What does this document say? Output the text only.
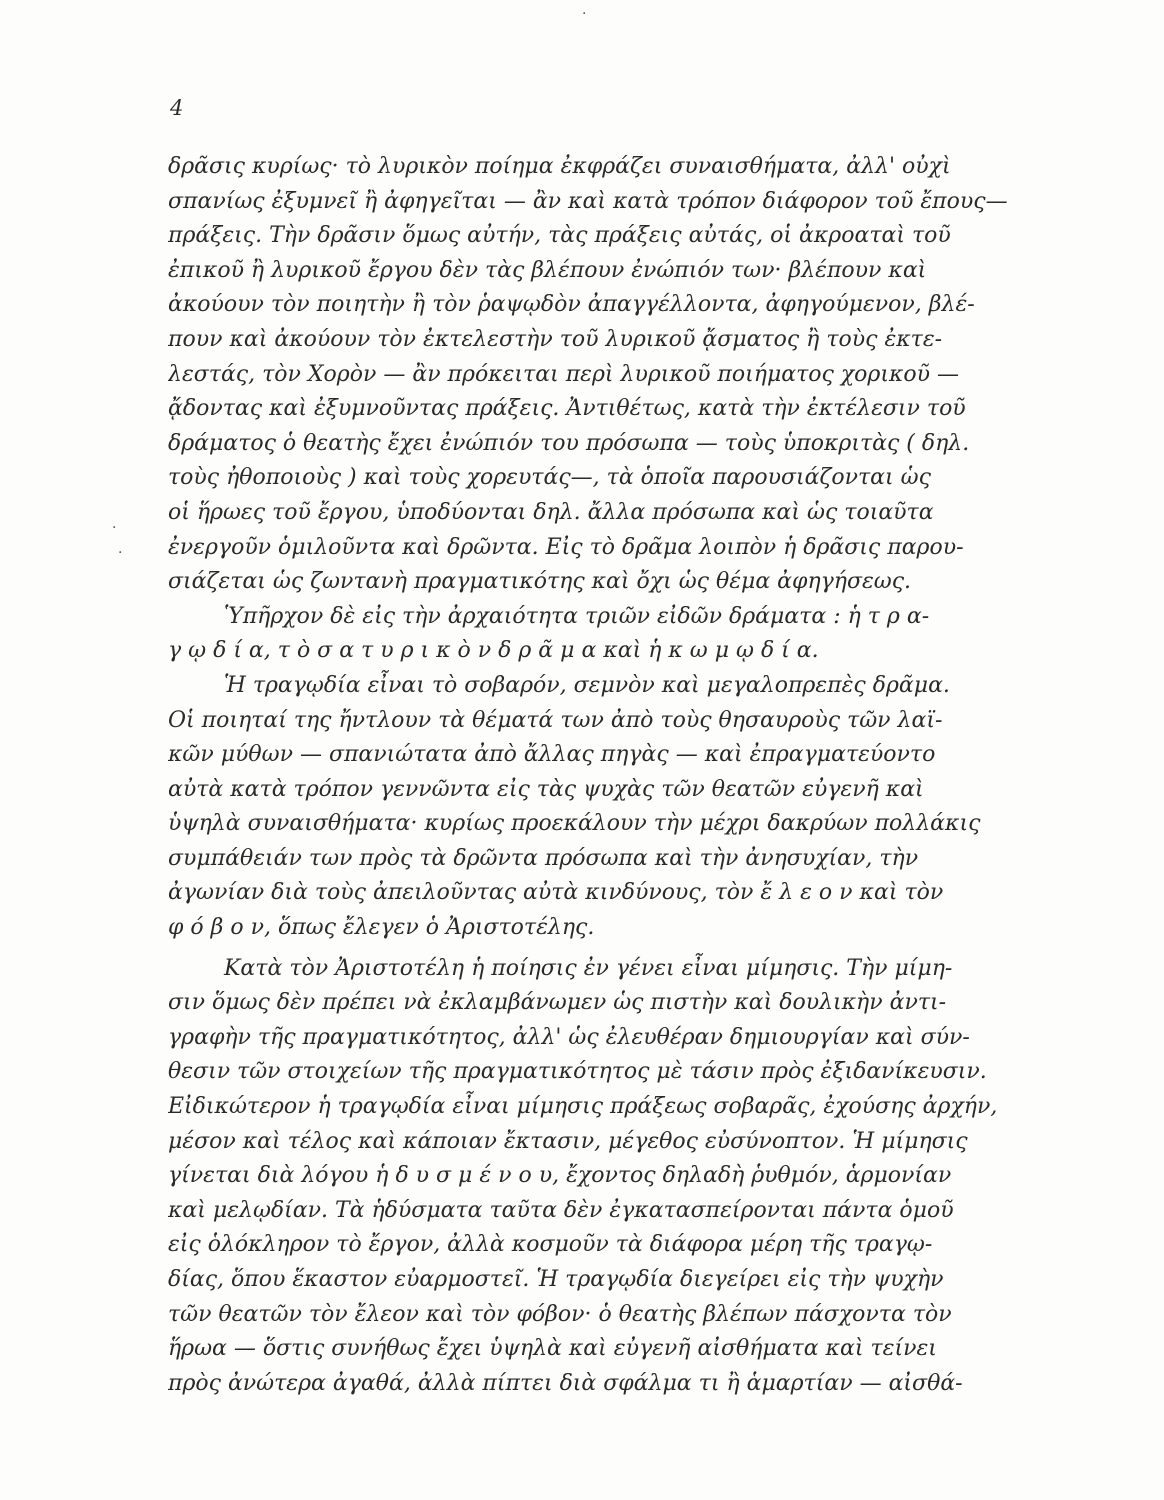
4
·
·
·
δρᾶσις κυρίως· τὸ λυρικὸν ποίημα ἐκφράζει συναισθήματα, ἀλλ' οὐχὶ
σπανίως ἐξυμνεῖ ἢ ἀφηγεῖται — ἂν καὶ κατὰ τρόπον διάφορον τοῦ ἔπους—
πράξεις. Τὴν δρᾶσιν ὅμως αὐτήν, τὰς πράξεις αὐτάς, οἱ ἀκροαταὶ τοῦ
ἐπικοῦ ἢ λυρικοῦ ἔργου δὲν τὰς βλέπουν ἐνώπιόν των· βλέπουν καὶ
ἀκούουν τὸν ποιητὴν ἢ τὸν ῥαψῳδὸν ἀπαγγέλλοντα, ἀφηγούμενον, βλέ-
πουν καὶ ἀκούουν τὸν ἐκτελεστὴν τοῦ λυρικοῦ ᾄσματος ἢ τοὺς ἐκτε-
λεστάς, τὸν Χορὸν — ἂν πρόκειται περὶ λυρικοῦ ποιήματος χορικοῦ —
ᾄδοντας καὶ ἐξυμνοῦντας πράξεις. Ἀντιθέτως, κατὰ τὴν ἐκτέλεσιν τοῦ
δράματος ὁ θεατὴς ἔχει ἐνώπιόν του πρόσωπα — τοὺς ὑποκριτὰς ( δηλ.
τοὺς ἠθοποιοὺς ) καὶ τοὺς χορευτάς—, τὰ ὁποῖα παρουσιάζονται ὡς
οἱ ἥρωες τοῦ ἔργου, ὑποδύονται δηλ. ἄλλα πρόσωπα καὶ ὡς τοιαῦτα
ἐνεργοῦν ὁμιλοῦντα καὶ δρῶντα. Εἰς τὸ δρᾶμα λοιπὸν ἡ δρᾶσις παρου-
σιάζεται ὡς ζωντανὴ πραγματικότης καὶ ὄχι ὡς θέμα ἀφηγήσεως.
Ὑπῆρχον δὲ εἰς τὴν ἀρχαιότητα τριῶν εἰδῶν δράματα : ἡ τ ρ α-
γ ῳ δ ί α, τ ὸ σ α τ υ ρ ι κ ὸ ν δ ρ ᾶ μ α καὶ ἡ κ ω μ ῳ δ ί α.
Ἡ τραγῳδία εἶναι τὸ σοβαρόν, σεμνὸν καὶ μεγαλοπρεπὲς δρᾶμα.
Οἱ ποιηταί της ἤντλουν τὰ θέματά των ἀπὸ τοὺς θησαυροὺς τῶν λαϊ-
κῶν μύθων — σπανιώτατα ἀπὸ ἄλλας πηγὰς — καὶ ἐπραγματεύοντο
αὐτὰ κατὰ τρόπον γεννῶντα εἰς τὰς ψυχὰς τῶν θεατῶν εὐγενῆ καὶ
ὑψηλὰ συναισθήματα· κυρίως προεκάλουν τὴν μέχρι δακρύων πολλάκις
συμπάθειάν των πρὸς τὰ δρῶντα πρόσωπα καὶ τὴν ἀνησυχίαν, τὴν
ἀγωνίαν διὰ τοὺς ἀπειλοῦντας αὐτὰ κινδύνους, τὸν ἔ λ ε ο ν καὶ τὸν
φ ό β ο ν, ὅπως ἔλεγεν ὁ Ἀριστοτέλης.
Κατὰ τὸν Ἀριστοτέλη ἡ ποίησις ἐν γένει εἶναι μίμησις. Τὴν μίμη-
σιν ὅμως δὲν πρέπει νὰ ἐκλαμβάνωμεν ὡς πιστὴν καὶ δουλικὴν ἀντι-
γραφὴν τῆς πραγματικότητος, ἀλλ' ὡς ἐλευθέραν δημιουργίαν καὶ σύν-
θεσιν τῶν στοιχείων τῆς πραγματικότητος μὲ τάσιν πρὸς ἐξιδανίκευσιν.
Εἰδικώτερον ἡ τραγῳδία εἶναι μίμησις πράξεως σοβαρᾶς, ἐχούσης ἀρχήν,
μέσον καὶ τέλος καὶ κάποιαν ἔκτασιν, μέγεθος εὐσύνοπτον. Ἡ μίμησις
γίνεται διὰ λόγου ἡ δ υ σ μ έ ν ο υ, ἔχοντος δηλαδὴ ῥυθμόν, ἁρμονίαν
καὶ μελῳδίαν. Τὰ ἡδύσματα ταῦτα δὲν ἐγκατασπείρονται πάντα ὁμοῦ
εἰς ὁλόκληρον τὸ ἔργον, ἀλλὰ κοσμοῦν τὰ διάφορα μέρη τῆς τραγῳ-
δίας, ὅπου ἕκαστον εὐαρμοστεῖ. Ἡ τραγῳδία διεγείρει εἰς τὴν ψυχὴν
τῶν θεατῶν τὸν ἔλεον καὶ τὸν φόβον· ὁ θεατὴς βλέπων πάσχοντα τὸν
ἥρωα — ὅστις συνήθως ἔχει ὑψηλὰ καὶ εὐγενῆ αἰσθήματα καὶ τείνει
πρὸς ἀνώτερα ἀγαθά, ἀλλὰ πίπτει διὰ σφάλμα τι ἢ ἁμαρτίαν — αἰσθά-
